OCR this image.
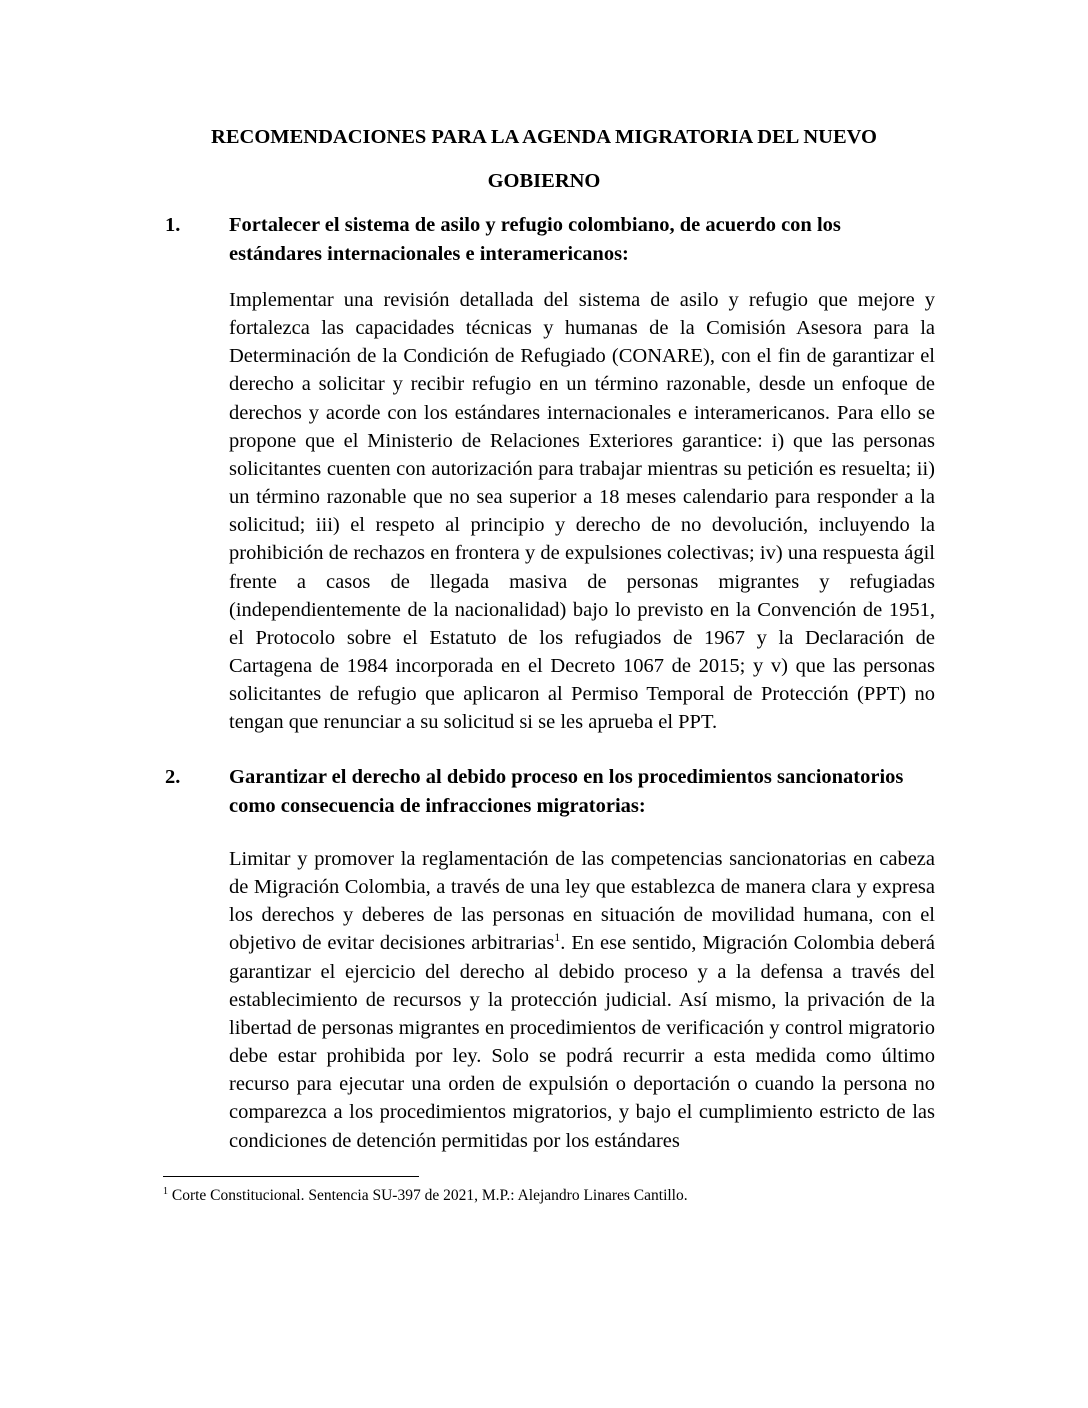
RECOMENDACIONES PARA LA AGENDA MIGRATORIA DEL NUEVO

GOBIERNO

1. Fortalecer el sistema de asilo y refugio colombiano, de acuerdo con los estándares internacionales e interamericanos:

Implementar una revisión detallada del sistema de asilo y refugio que mejore y fortalezca las capacidades técnicas y humanas de la Comisión Asesora para la Determinación de la Condición de Refugiado (CONARE), con el fin de garantizar el derecho a solicitar y recibir refugio en un término razonable, desde un enfoque de derechos y acorde con los estándares internacionales e interamericanos. Para ello se propone que el Ministerio de Relaciones Exteriores garantice: i) que las personas solicitantes cuenten con autorización para trabajar mientras su petición es resuelta; ii) un término razonable que no sea superior a 18 meses calendario para responder a la solicitud; iii) el respeto al principio y derecho de no devolución, incluyendo la prohibición de rechazos en frontera y de expulsiones colectivas; iv) una respuesta ágil frente a casos de llegada masiva de personas migrantes y refugiadas (independientemente de la nacionalidad) bajo lo previsto en la Convención de 1951, el Protocolo sobre el Estatuto de los refugiados de 1967 y la Declaración de Cartagena de 1984 incorporada en el Decreto 1067 de 2015; y v) que las personas solicitantes de refugio que aplicaron al Permiso Temporal de Protección (PPT) no tengan que renunciar a su solicitud si se les aprueba el PPT.

2. Garantizar el derecho al debido proceso en los procedimientos sancionatorios como consecuencia de infracciones migratorias:

Limitar y promover la reglamentación de las competencias sancionatorias en cabeza de Migración Colombia, a través de una ley que establezca de manera clara y expresa los derechos y deberes de las personas en situación de movilidad humana, con el objetivo de evitar decisiones arbitrarias$^1$. En ese sentido, Migración Colombia deberá garantizar el ejercicio del derecho al debido proceso y a la defensa a través del establecimiento de recursos y la protección judicial. Así mismo, la privación de la libertad de personas migrantes en procedimientos de verificación y control migratorio debe estar prohibida por ley. Solo se podrá recurrir a esta medida como último recurso para ejecutar una orden de expulsión o deportación o cuando la persona no comparezca a los procedimientos migratorios, y bajo el cumplimiento estricto de las condiciones de detención permitidas por los estándares

$^1$ Corte Constitucional. Sentencia SU-397 de 2021, M.P.: Alejandro Linares Cantillo.
